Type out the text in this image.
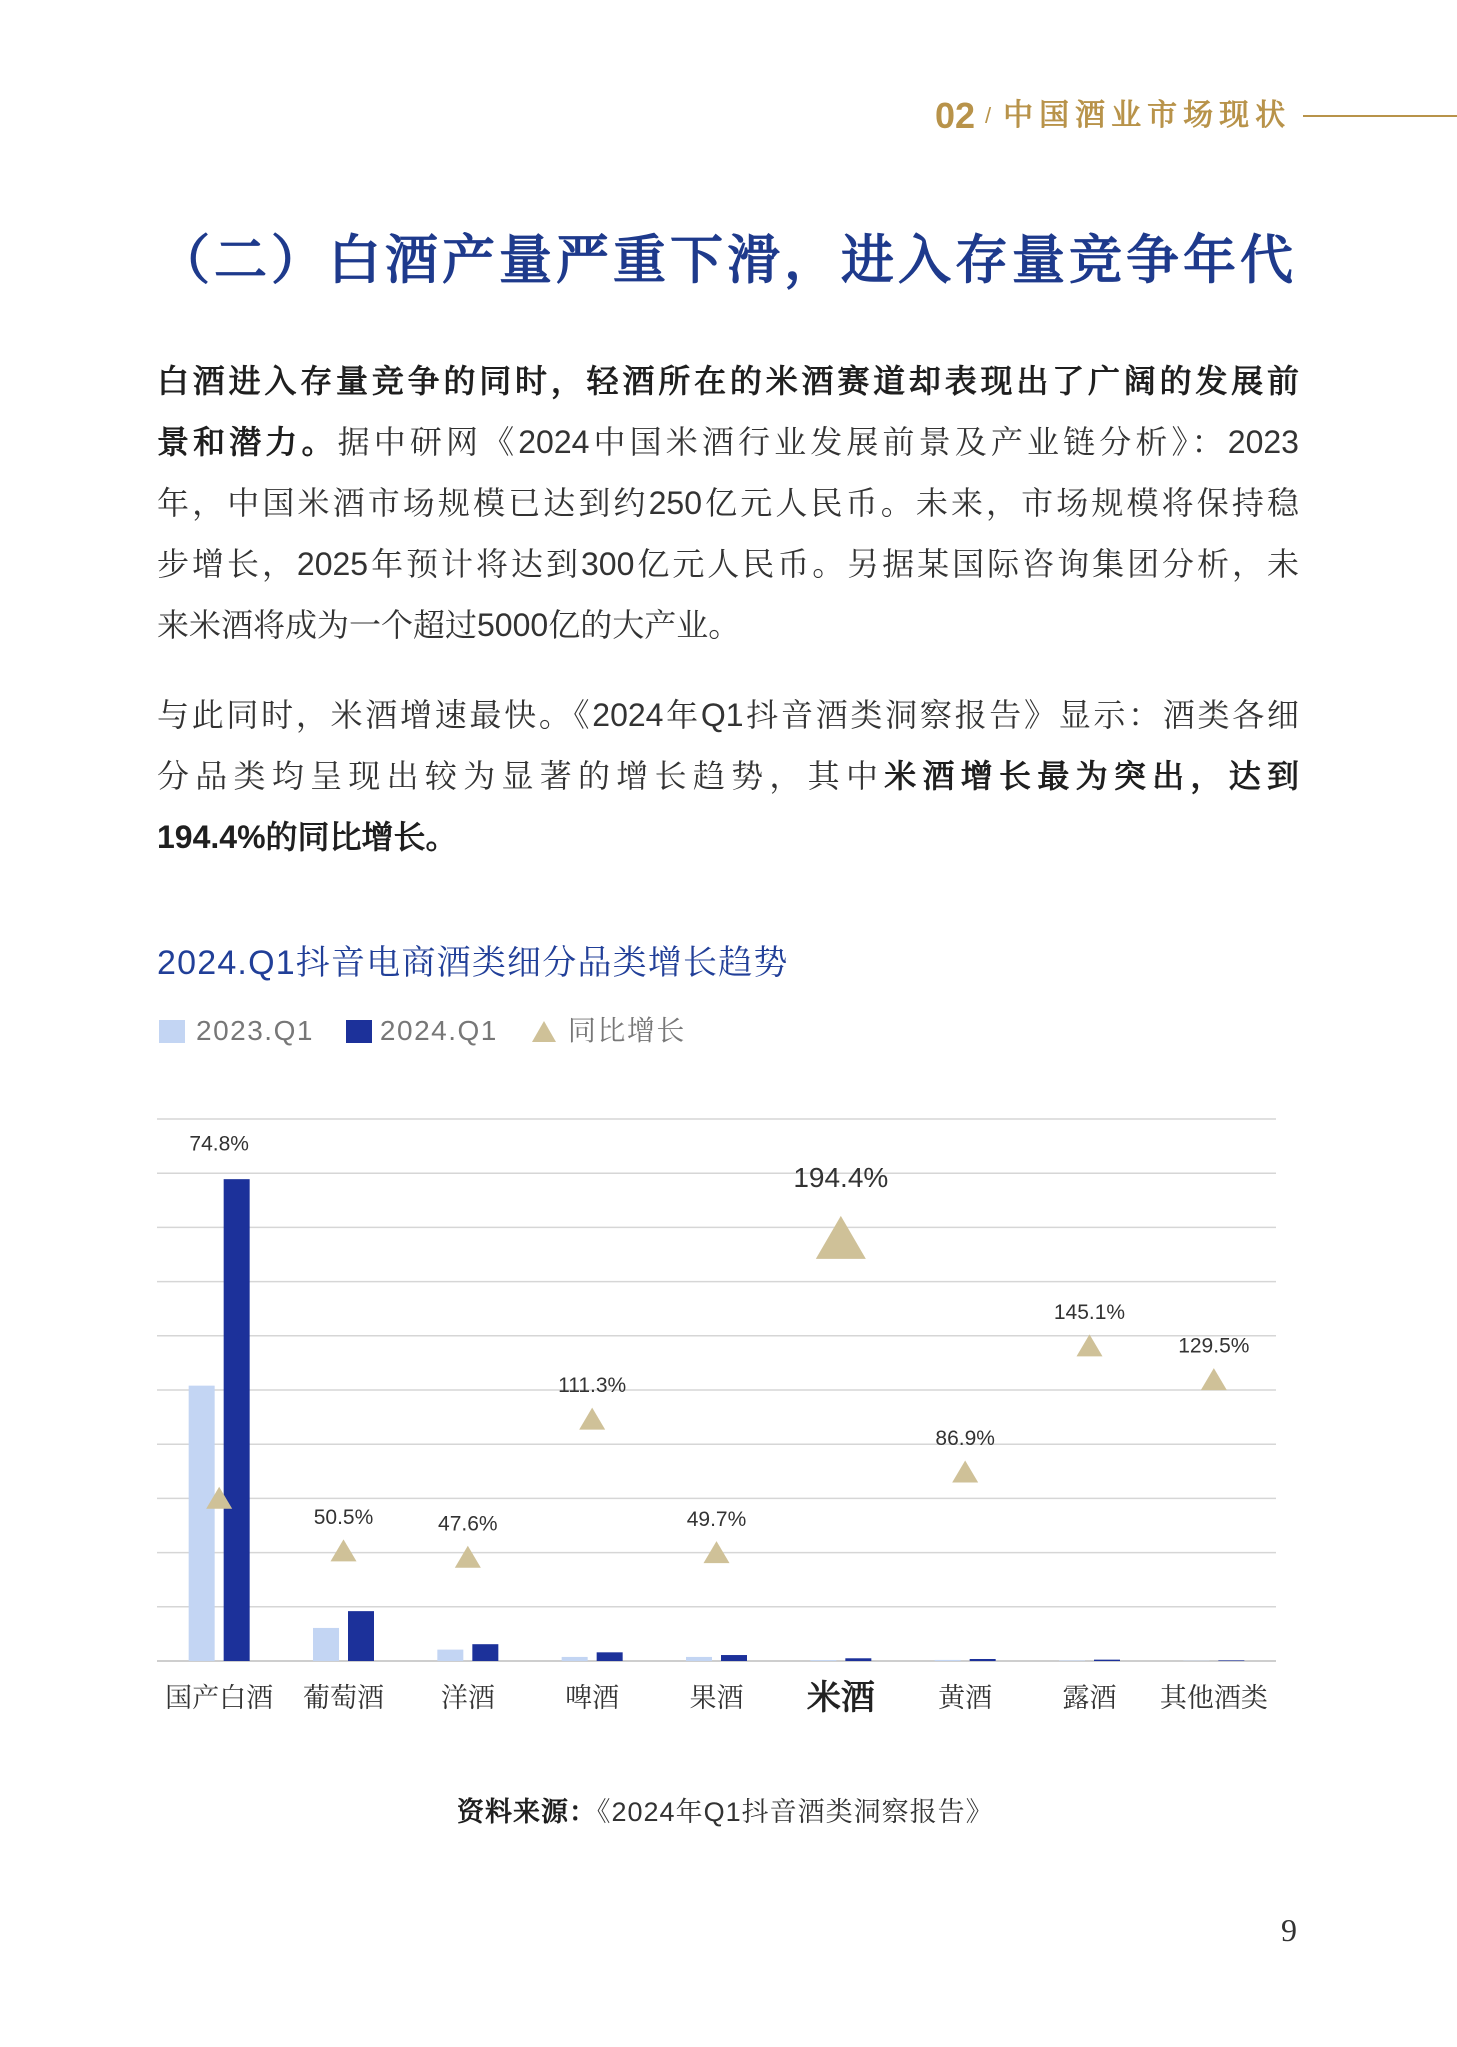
02 / 中国酒业市场现状
（二）白酒产量严重下滑，进入存量竞争年代
白酒进入存量竞争的同时，轻酒所在的米酒赛道却表现出了广阔的发展前
景和潜力。据中研网《2024中国米酒行业发展前景及产业链分析》：2023
年，中国米酒市场规模已达到约250亿元人民币。未来，市场规模将保持稳
步增长，2025年预计将达到300亿元人民币。另据某国际咨询集团分析，未
来米酒将成为一个超过5000亿的大产业。
与此同时，米酒增速最快。《2024年Q1抖音酒类洞察报告》显示：酒类各细
分品类均呈现出较为显著的增长趋势，其中米酒增长最为突出，达到
194.4%的同比增长。
2024.Q1抖音电商酒类细分品类增长趋势
2023.Q1 2024.Q1	同比增长
74.8%
国产白酒
50.5%
葡萄酒
47.6%
洋酒
111.3%
啤酒
49.7%
果酒
194.4%
米酒
86.9%
黄酒
145.1%
露酒
129.5%
其他酒类
资料来源：《2024年Q1抖音酒类洞察报告》
9
